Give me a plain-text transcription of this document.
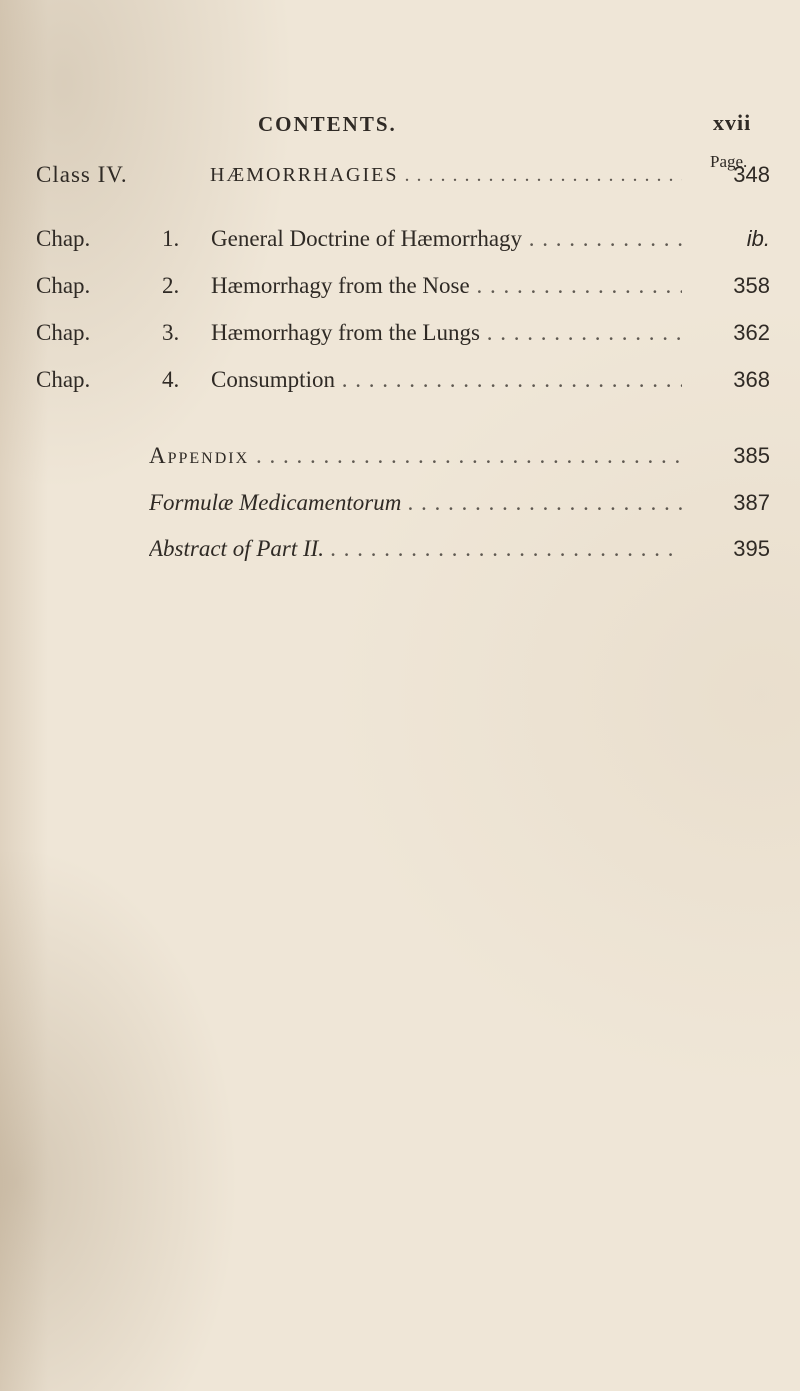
CONTENTS.	xvii
Page.
Class IV.	HÆMORRHAGIES . . .	348
Chap.	1. General Doctrine of Hæmorrhagy . . .	ib.
Chap.	2. Hæmorrhagy from the Nose . . .	358
Chap.	3. Hæmorrhagy from the Lungs . . .	362
Chap.	4. Consumption . . .	368
Appendix . . .	385
Formulæ Medicamentorum . . .	387
Abstract of Part II. . . .	395
